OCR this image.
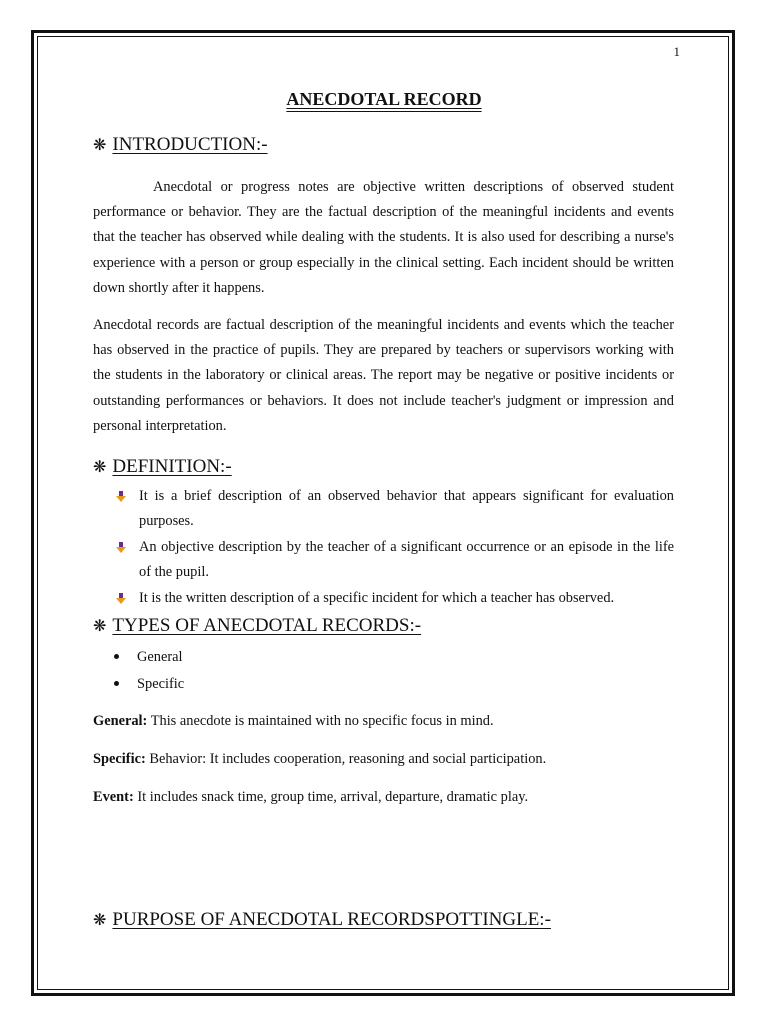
1
ANECDOTAL RECORD
❋ INTRODUCTION:-

Anecdotal or progress notes are objective written descriptions of observed student performance or behavior. They are the factual description of the meaningful incidents and events that the teacher has observed while dealing with the students. It is also used for describing a nurse's experience with a person or group especially in the clinical setting. Each incident should be written down shortly after it happens.

Anecdotal records are factual description of the meaningful incidents and events which the teacher has observed in the practice of pupils. They are prepared by teachers or supervisors working with the students in the laboratory or clinical areas. The report may be negative or positive incidents or outstanding performances or behaviors. It does not include teacher's judgment or impression and personal interpretation.

❋ DEFINITION:-
It is a brief description of an observed behavior that appears significant for evaluation purposes.
An objective description by the teacher of a significant occurrence or an episode in the life of the pupil.
It is the written description of a specific incident for which a teacher has observed.
❋ TYPES OF ANECDOTAL RECORDS:-
General
Specific
General: This anecdote is maintained with no specific focus in mind.
Specific: Behavior: It includes cooperation, reasoning and social participation.
Event: It includes snack time, group time, arrival, departure, dramatic play.
❋ PURPOSE OF ANECDOTAL RECORDSPOTTINGLE:-
